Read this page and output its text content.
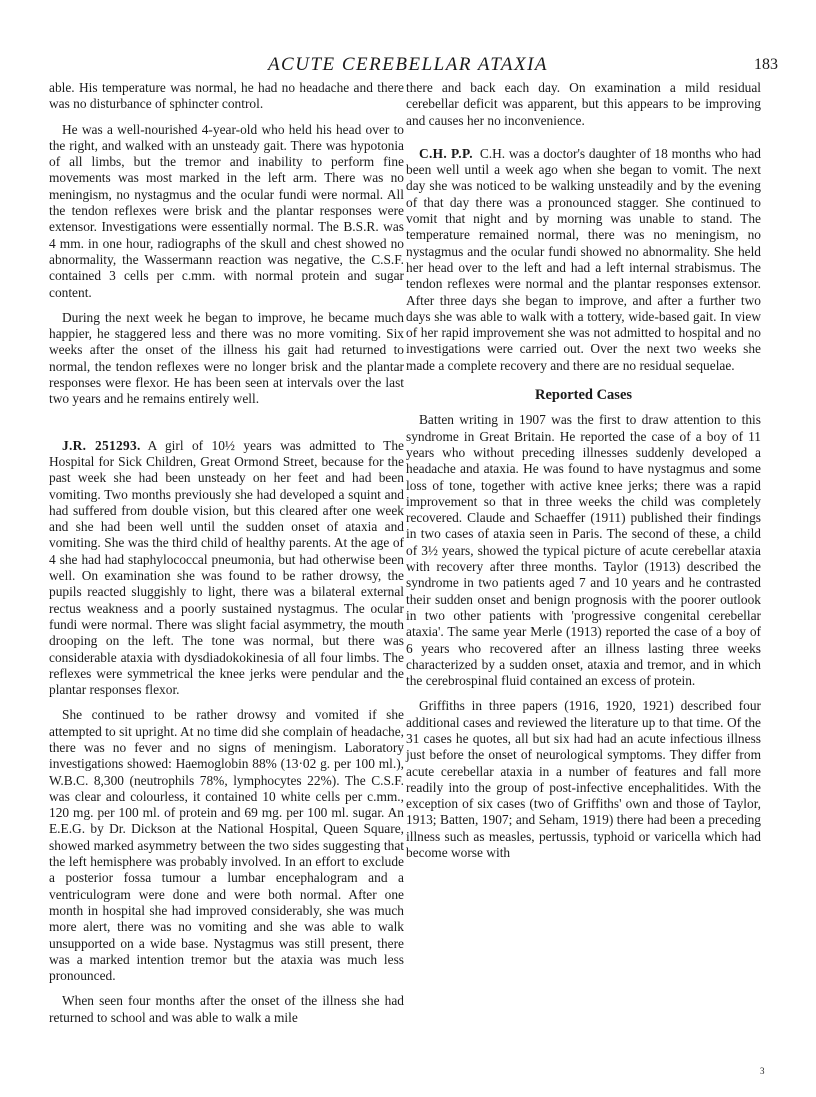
ACUTE CEREBELLAR ATAXIA	183

able. His temperature was normal, he had no headache and there was no disturbance of sphincter control.

He was a well-nourished 4-year-old who held his head over to the right, and walked with an unsteady gait. There was hypotonia of all limbs, but the tremor and inability to perform fine movements was most marked in the left arm. There was no meningism, no nystagmus and the ocular fundi were normal. All the tendon reflexes were brisk and the plantar responses were extensor. Investigations were essentially normal. The B.S.R. was 4 mm. in one hour, radiographs of the skull and chest showed no abnormality, the Wassermann reaction was negative, the C.S.F. contained 3 cells per c.mm. with normal protein and sugar content.

During the next week he began to improve, he became much happier, he staggered less and there was no more vomiting. Six weeks after the onset of the illness his gait had returned to normal, the tendon reflexes were no longer brisk and the plantar responses were flexor. He has been seen at intervals over the last two years and he remains entirely well.

J.R. 251293. A girl of 10½ years was admitted to The Hospital for Sick Children, Great Ormond Street, because for the past week she had been unsteady on her feet and had been vomiting. Two months previously she had developed a squint and had suffered from double vision, but this cleared after one week and she had been well until the sudden onset of ataxia and vomiting. She was the third child of healthy parents. At the age of 4 she had had staphylococcal pneumonia, but had otherwise been well. On examination she was found to be rather drowsy, the pupils reacted sluggishly to light, there was a bilateral external rectus weakness and a poorly sustained nystagmus. The ocular fundi were normal. There was slight facial asymmetry, the mouth drooping on the left. The tone was normal, but there was considerable ataxia with dysdiadokokinesia of all four limbs. The reflexes were symmetrical the knee jerks were pendular and the plantar responses flexor.

She continued to be rather drowsy and vomited if she attempted to sit upright. At no time did she complain of headache, there was no fever and no signs of meningism. Laboratory investigations showed: Haemoglobin 88% (13·02 g. per 100 ml.), W.B.C. 8,300 (neutrophils 78%, lymphocytes 22%). The C.S.F. was clear and colourless, it contained 10 white cells per c.mm., 120 mg. per 100 ml. of protein and 69 mg. per 100 ml. sugar. An E.E.G. by Dr. Dickson at the National Hospital, Queen Square, showed marked asymmetry between the two sides suggesting that the left hemisphere was probably involved. In an effort to exclude a posterior fossa tumour a lumbar encephalogram and a ventriculogram were done and were both normal. After one month in hospital she had improved considerably, she was much more alert, there was no vomiting and she was able to walk unsupported on a wide base. Nystagmus was still present, there was a marked intention tremor but the ataxia was much less pronounced.

When seen four months after the onset of the illness she had returned to school and was able to walk a mile

there and back each day. On examination a mild residual cerebellar deficit was apparent, but this appears to be improving and causes her no inconvenience.

C.H. P.P. C.H. was a doctor's daughter of 18 months who had been well until a week ago when she began to vomit. The next day she was noticed to be walking unsteadily and by the evening of that day there was a pronounced stagger. She continued to vomit that night and by morning was unable to stand. The temperature remained normal, there was no meningism, no nystagmus and the ocular fundi showed no abnormality. She held her head over to the left and had a left internal strabismus. The tendon reflexes were normal and the plantar responses extensor. After three days she began to improve, and after a further two days she was able to walk with a tottery, wide-based gait. In view of her rapid improvement she was not admitted to hospital and no investigations were carried out. Over the next two weeks she made a complete recovery and there are no residual sequelae.

Reported Cases

Batten writing in 1907 was the first to draw attention to this syndrome in Great Britain. He reported the case of a boy of 11 years who without preceding illnesses suddenly developed a headache and ataxia. He was found to have nystagmus and some loss of tone, together with active knee jerks; there was a rapid improvement so that in three weeks the child was completely recovered. Claude and Schaeffer (1911) published their findings in two cases of ataxia seen in Paris. The second of these, a child of 3½ years, showed the typical picture of acute cerebellar ataxia with recovery after three months. Taylor (1913) described the syndrome in two patients aged 7 and 10 years and he contrasted their sudden onset and benign prognosis with the poorer outlook in two other patients with 'progressive congenital cerebellar ataxia'. The same year Merle (1913) reported the case of a boy of 6 years who recovered after an illness lasting three weeks characterized by a sudden onset, ataxia and tremor, and in which the cerebrospinal fluid contained an excess of protein.

Griffiths in three papers (1916, 1920, 1921) described four additional cases and reviewed the literature up to that time. Of the 31 cases he quotes, all but six had had an acute infectious illness just before the onset of neurological symptoms. They differ from acute cerebellar ataxia in a number of features and fall more readily into the group of post-infective encephalitides. With the exception of six cases (two of Griffiths' own and those of Taylor, 1913; Batten, 1907; and Seham, 1919) there had been a preceding illness such as measles, pertussis, typhoid or varicella which had become worse with

3
